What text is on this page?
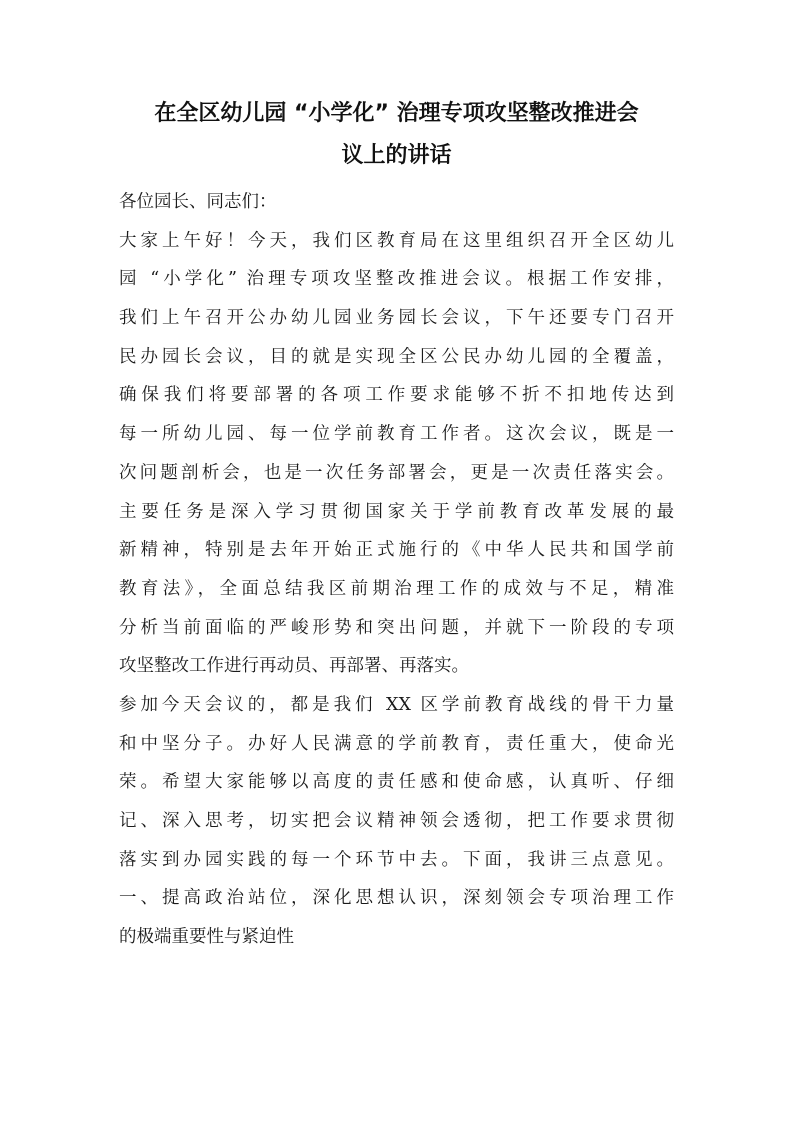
在全区幼儿园 “小学化” 治理专项攻坚整改推进会
议上的讲话
各位园长、同志们：
大家上午好！今天，我们区教育局在这里组织召开全区幼儿
园 “小学化” 治理专项攻坚整改推进会议。根据工作安排，
我们上午召开公办幼儿园业务园长会议，下午还要专门召开
民办园长会议，目的就是实现全区公民办幼儿园的全覆盖，
确保我们将要部署的各项工作要求能够不折不扣地传达到
每一所幼儿园、每一位学前教育工作者。这次会议，既是一
次问题剖析会，也是一次任务部署会，更是一次责任落实会。
主要任务是深入学习贯彻国家关于学前教育改革发展的最
新精神，特别是去年开始正式施行的《中华人民共和国学前
教育法》，全面总结我区前期治理工作的成效与不足，精准
分析当前面临的严峻形势和突出问题，并就下一阶段的专项
攻坚整改工作进行再动员、再部署、再落实。
参加今天会议的，都是我们 XX 区学前教育战线的骨干力量
和中坚分子。办好人民满意的学前教育，责任重大，使命光
荣。希望大家能够以高度的责任感和使命感，认真听、仔细
记、深入思考，切实把会议精神领会透彻，把工作要求贯彻
落实到办园实践的每一个环节中去。下面，我讲三点意见。
一、提高政治站位，深化思想认识，深刻领会专项治理工作
的极端重要性与紧迫性
